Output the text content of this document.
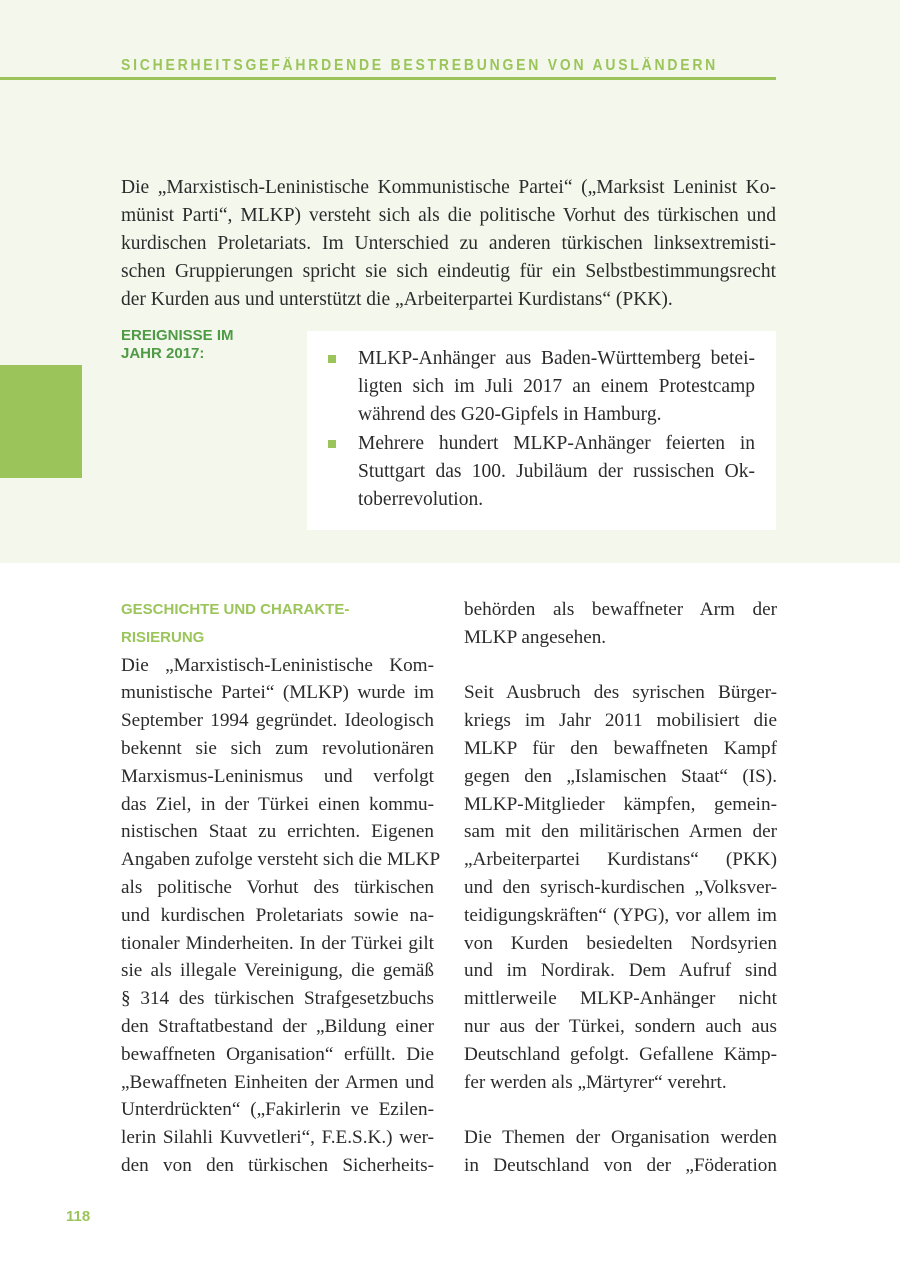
SICHERHEITSGEFÄHRDENDE BESTREBUNGEN VON AUSLÄNDERN
Die „Marxistisch-Leninistische Kommunistische Partei“ („Marksist Leninist Ko-
münist Parti“, MLKP) versteht sich als die politische Vorhut des türkischen und
kurdischen Proletariats. Im Unterschied zu anderen türkischen linksextremisti-
schen Gruppierungen spricht sie sich eindeutig für ein Selbstbestimmungsrecht
der Kurden aus und unterstützt die „Arbeiterpartei Kurdistans“ (PKK).
EREIGNISSE IM
JAHR 2017:	MLKP-Anhänger aus Baden-Württemberg betei-
ligten sich im Juli 2017 an einem Protestcamp
während des G20-Gipfels in Hamburg.
Mehrere hundert MLKP-Anhänger feierten in
Stuttgart das 100. Jubiläum der russischen Ok-
toberrevolution.
GESCHICHTE UND CHARAKTE-
RISIERUNG
Die „Marxistisch-Leninistische Kom-
munistische Partei“ (MLKP) wurde im
September 1994 gegründet. Ideologisch
bekennt sie sich zum revolutionären
Marxismus-Leninismus und verfolgt
das Ziel, in der Türkei einen kommu-
nistischen Staat zu errichten. Eigenen
Angaben zufolge versteht sich die MLKP
als politische Vorhut des türkischen
und kurdischen Proletariats sowie na-
tionaler Minderheiten. In der Türkei gilt
sie als illegale Vereinigung, die gemäß
§ 314 des türkischen Strafgesetzbuchs
den Straftatbestand der „Bildung einer
bewaffneten Organisation“ erfüllt. Die
„Bewaffneten Einheiten der Armen und
Unterdrückten“ („Fakirlerin ve Ezilen-
lerin Silahli Kuvvetleri“, F.E.S.K.) wer-
den von den türkischen Sicherheits-
behörden als bewaffneter Arm der
MLKP angesehen.
Seit Ausbruch des syrischen Bürger-
kriegs im Jahr 2011 mobilisiert die
MLKP für den bewaffneten Kampf
gegen den „Islamischen Staat“ (IS).
MLKP-Mitglieder kämpfen, gemein-
sam mit den militärischen Armen der
„Arbeiterpartei Kurdistans“ (PKK)
und den syrisch-kurdischen „Volksver-
teidigungskräften“ (YPG), vor allem im
von Kurden besiedelten Nordsyrien
und im Nordirak. Dem Aufruf sind
mittlerweile MLKP-Anhänger nicht
nur aus der Türkei, sondern auch aus
Deutschland gefolgt. Gefallene Kämp-
fer werden als „Märtyrer“ verehrt.
Die Themen der Organisation werden
in Deutschland von der „Föderation
118
